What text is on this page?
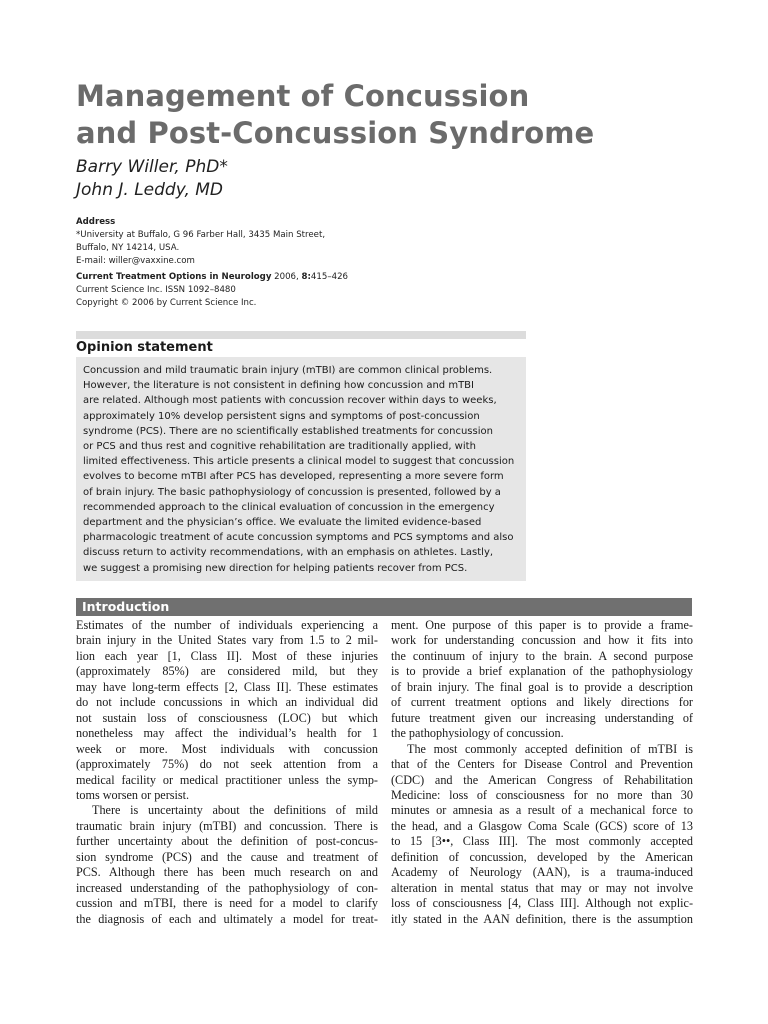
Management of Concussion
and Post-Concussion Syndrome
Barry Willer, PhD*
John J. Leddy, MD
Address
*University at Buffalo, G 96 Farber Hall, 3435 Main Street,
Buffalo, NY 14214, USA.
E-mail: willer@vaxxine.com
Current Treatment Options in Neurology 2006, 8:415–426
Current Science Inc. ISSN 1092–8480
Copyright © 2006 by Current Science Inc.
Opinion statement
Concussion and mild traumatic brain injury (mTBI) are common clinical problems.
However, the literature is not consistent in defining how concussion and mTBI
are related. Although most patients with concussion recover within days to weeks,
approximately 10% develop persistent signs and symptoms of post-concussion
syndrome (PCS). There are no scientifically established treatments for concussion
or PCS and thus rest and cognitive rehabilitation are traditionally applied, with
limited effectiveness. This article presents a clinical model to suggest that concussion
evolves to become mTBI after PCS has developed, representing a more severe form
of brain injury. The basic pathophysiology of concussion is presented, followed by a
recommended approach to the clinical evaluation of concussion in the emergency
department and the physician’s office. We evaluate the limited evidence-based
pharmacologic treatment of acute concussion symptoms and PCS symptoms and also
discuss return to activity recommendations, with an emphasis on athletes. Lastly,
we suggest a promising new direction for helping patients recover from PCS.
Introduction
Estimates of the number of individuals experiencing a
brain injury in the United States vary from 1.5 to 2 mil-
lion each year [1, Class II]. Most of these injuries
(approximately 85%) are considered mild, but they
may have long-term effects [2, Class II]. These estimates
do not include concussions in which an individual did
not sustain loss of consciousness (LOC) but which
nonetheless may affect the individual’s health for 1
week or more. Most individuals with concussion
(approximately 75%) do not seek attention from a
medical facility or medical practitioner unless the symp-
toms worsen or persist.
There is uncertainty about the definitions of mild
traumatic brain injury (mTBI) and concussion. There is
further uncertainty about the definition of post-concus-
sion syndrome (PCS) and the cause and treatment of
PCS. Although there has been much research on and
increased understanding of the pathophysiology of con-
cussion and mTBI, there is need for a model to clarify
the diagnosis of each and ultimately a model for treat-
ment. One purpose of this paper is to provide a frame-
work for understanding concussion and how it fits into
the continuum of injury to the brain. A second purpose
is to provide a brief explanation of the pathophysiology
of brain injury. The final goal is to provide a description
of current treatment options and likely directions for
future treatment given our increasing understanding of
the pathophysiology of concussion.
The most commonly accepted definition of mTBI is
that of the Centers for Disease Control and Prevention
(CDC) and the American Congress of Rehabilitation
Medicine: loss of consciousness for no more than 30
minutes or amnesia as a result of a mechanical force to
the head, and a Glasgow Coma Scale (GCS) score of 13
to 15 [3••, Class III]. The most commonly accepted
definition of concussion, developed by the American
Academy of Neurology (AAN), is a trauma-induced
alteration in mental status that may or may not involve
loss of consciousness [4, Class III]. Although not explic-
itly stated in the AAN definition, there is the assumption
